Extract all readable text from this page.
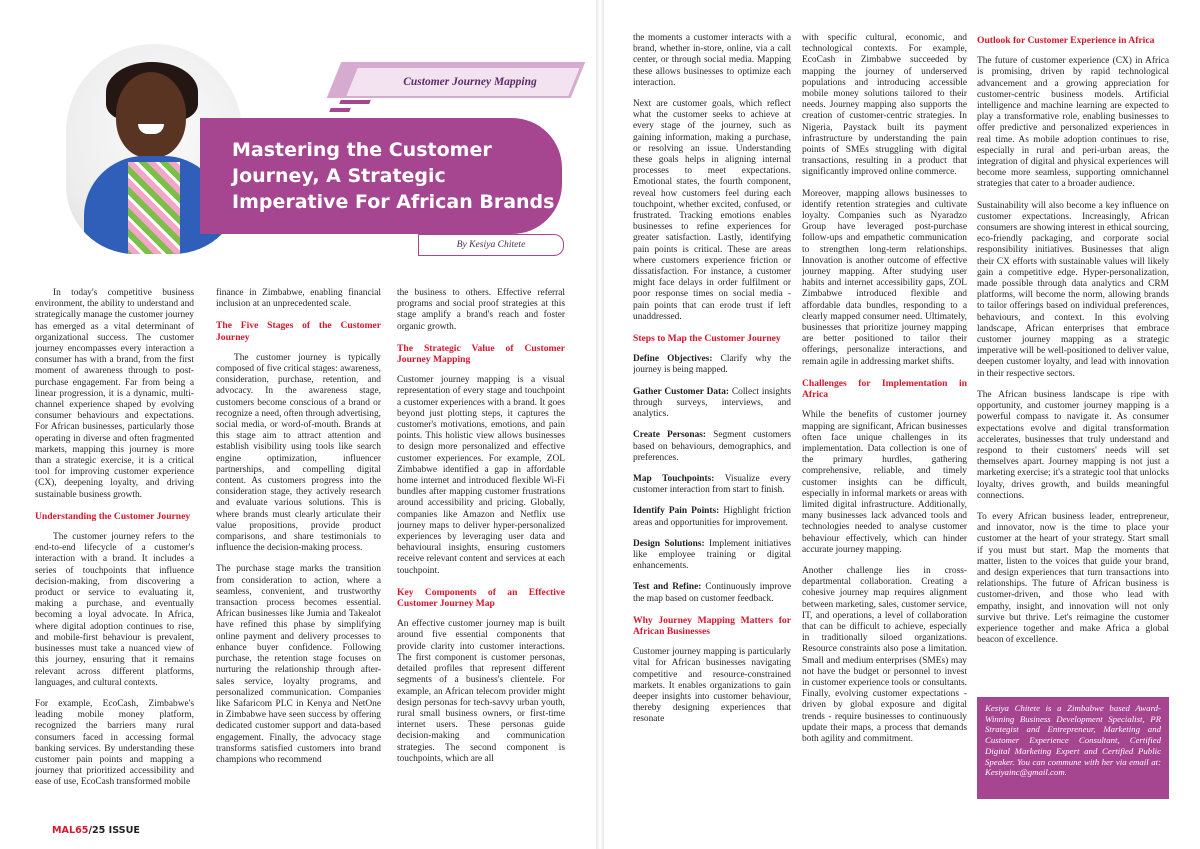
Customer Journey Mapping
Mastering the Customer Journey, A Strategic Imperative For African Brands
By Kesiya Chitete

In today's competitive business environment, the ability to understand and strategically manage the customer journey has emerged as a vital determinant of organizational success. The customer journey encompasses every interaction a consumer has with a brand, from the first moment of awareness through to post-purchase engagement. Far from being a linear progression, it is a dynamic, multi-channel experience shaped by evolving consumer behaviours and expectations. For African businesses, particularly those operating in diverse and often fragmented markets, mapping this journey is more than a strategic exercise, it is a critical tool for improving customer experience (CX), deepening loyalty, and driving sustainable business growth.

Understanding the Customer Journey

The customer journey refers to the end-to-end lifecycle of a customer's interaction with a brand. It includes a series of touchpoints that influence decision-making, from discovering a product or service to evaluating it, making a purchase, and eventually becoming a loyal advocate. In Africa, where digital adoption continues to rise, and mobile-first behaviour is prevalent, businesses must take a nuanced view of this journey, ensuring that it remains relevant across different platforms, languages, and cultural contexts.

For example, EcoCash, Zimbabwe's leading mobile money platform, recognized the barriers many rural consumers faced in accessing formal banking services. By understanding these customer pain points and mapping a journey that prioritized accessibility and ease of use, EcoCash transformed mobile

finance in Zimbabwe, enabling financial inclusion at an unprecedented scale.

The Five Stages of the Customer Journey

The customer journey is typically composed of five critical stages: awareness, consideration, purchase, retention, and advocacy. In the awareness stage, customers become conscious of a brand or recognize a need, often through advertising, social media, or word-of-mouth. Brands at this stage aim to attract attention and establish visibility using tools like search engine optimization, influencer partnerships, and compelling digital content. As customers progress into the consideration stage, they actively research and evaluate various solutions. This is where brands must clearly articulate their value propositions, provide product comparisons, and share testimonials to influence the decision-making process.

The purchase stage marks the transition from consideration to action, where a seamless, convenient, and trustworthy transaction process becomes essential. African businesses like Jumia and Takealot have refined this phase by simplifying online payment and delivery processes to enhance buyer confidence. Following purchase, the retention stage focuses on nurturing the relationship through after-sales service, loyalty programs, and personalized communication. Companies like Safaricom PLC in Kenya and NetOne in Zimbabwe have seen success by offering dedicated customer support and data-based engagement. Finally, the advocacy stage transforms satisfied customers into brand champions who recommend

the business to others. Effective referral programs and social proof strategies at this stage amplify a brand's reach and foster organic growth.

The Strategic Value of Customer Journey Mapping

Customer journey mapping is a visual representation of every stage and touchpoint a customer experiences with a brand. It goes beyond just plotting steps, it captures the customer's motivations, emotions, and pain points. This holistic view allows businesses to design more personalized and effective customer experiences. For example, ZOL Zimbabwe identified a gap in affordable home internet and introduced flexible Wi-Fi bundles after mapping customer frustrations around accessibility and pricing. Globally, companies like Amazon and Netflix use journey maps to deliver hyper-personalized experiences by leveraging user data and behavioural insights, ensuring customers receive relevant content and services at each touchpoint.

Key Components of an Effective Customer Journey Map

An effective customer journey map is built around five essential components that provide clarity into customer interactions. The first component is customer personas, detailed profiles that represent different segments of a business's clientele. For example, an African telecom provider might design personas for tech-savvy urban youth, rural small business owners, or first-time internet users. These personas guide decision-making and communication strategies. The second component is touchpoints, which are all

MAL65/25 ISSUE

the moments a customer interacts with a brand, whether in-store, online, via a call center, or through social media. Mapping these allows businesses to optimize each interaction.

Next are customer goals, which reflect what the customer seeks to achieve at every stage of the journey, such as gaining information, making a purchase, or resolving an issue. Understanding these goals helps in aligning internal processes to meet expectations. Emotional states, the fourth component, reveal how customers feel during each touchpoint, whether excited, confused, or frustrated. Tracking emotions enables businesses to refine experiences for greater satisfaction. Lastly, identifying pain points is critical. These are areas where customers experience friction or dissatisfaction. For instance, a customer might face delays in order fulfilment or poor response times on social media - pain points that can erode trust if left unaddressed.

Steps to Map the Customer Journey

Define Objectives: Clarify why the journey is being mapped.

Gather Customer Data: Collect insights through surveys, interviews, and analytics.

Create Personas: Segment customers based on behaviours, demographics, and preferences.

Map Touchpoints: Visualize every customer interaction from start to finish.

Identify Pain Points: Highlight friction areas and opportunities for improvement.

Design Solutions: Implement initiatives like employee training or digital enhancements.

Test and Refine: Continuously improve the map based on customer feedback.

Why Journey Mapping Matters for African Businesses

Customer journey mapping is particularly vital for African businesses navigating competitive and resource-constrained markets. It enables organizations to gain deeper insights into customer behaviour, thereby designing experiences that resonate

with specific cultural, economic, and technological contexts. For example, EcoCash in Zimbabwe succeeded by mapping the journey of underserved populations and introducing accessible mobile money solutions tailored to their needs. Journey mapping also supports the creation of customer-centric strategies. In Nigeria, Paystack built its payment infrastructure by understanding the pain points of SMEs struggling with digital transactions, resulting in a product that significantly improved online commerce.

Moreover, mapping allows businesses to identify retention strategies and cultivate loyalty. Companies such as Nyaradzo Group have leveraged post-purchase follow-ups and empathetic communication to strengthen long-term relationships. Innovation is another outcome of effective journey mapping. After studying user habits and internet accessibility gaps, ZOL Zimbabwe introduced flexible and affordable data bundles, responding to a clearly mapped consumer need. Ultimately, businesses that prioritize journey mapping are better positioned to tailor their offerings, personalize interactions, and remain agile in addressing market shifts.

Challenges for Implementation in Africa

While the benefits of customer journey mapping are significant, African businesses often face unique challenges in its implementation. Data collection is one of the primary hurdles, gathering comprehensive, reliable, and timely customer insights can be difficult, especially in informal markets or areas with limited digital infrastructure. Additionally, many businesses lack advanced tools and technologies needed to analyse customer behaviour effectively, which can hinder accurate journey mapping.

Another challenge lies in cross-departmental collaboration. Creating a cohesive journey map requires alignment between marketing, sales, customer service, IT, and operations, a level of collaboration that can be difficult to achieve, especially in traditionally siloed organizations. Resource constraints also pose a limitation. Small and medium enterprises (SMEs) may not have the budget or personnel to invest in customer experience tools or consultants. Finally, evolving customer expectations - driven by global exposure and digital trends - require businesses to continuously update their maps, a process that demands both agility and commitment.

Outlook for Customer Experience in Africa

The future of customer experience (CX) in Africa is promising, driven by rapid technological advancement and a growing appreciation for customer-centric business models. Artificial intelligence and machine learning are expected to play a transformative role, enabling businesses to offer predictive and personalized experiences in real time. As mobile adoption continues to rise, especially in rural and peri-urban areas, the integration of digital and physical experiences will become more seamless, supporting omnichannel strategies that cater to a broader audience.

Sustainability will also become a key influence on customer expectations. Increasingly, African consumers are showing interest in ethical sourcing, eco-friendly packaging, and corporate social responsibility initiatives. Businesses that align their CX efforts with sustainable values will likely gain a competitive edge. Hyper-personalization, made possible through data analytics and CRM platforms, will become the norm, allowing brands to tailor offerings based on individual preferences, behaviours, and context. In this evolving landscape, African enterprises that embrace customer journey mapping as a strategic imperative will be well-positioned to deliver value, deepen customer loyalty, and lead with innovation in their respective sectors.

The African business landscape is ripe with opportunity, and customer journey mapping is a powerful compass to navigate it. As consumer expectations evolve and digital transformation accelerates, businesses that truly understand and respond to their customers' needs will set themselves apart. Journey mapping is not just a marketing exercise; it's a strategic tool that unlocks loyalty, drives growth, and builds meaningful connections.

To every African business leader, entrepreneur, and innovator, now is the time to place your customer at the heart of your strategy. Start small if you must but start. Map the moments that matter, listen to the voices that guide your brand, and design experiences that turn transactions into relationships. The future of African business is customer-driven, and those who lead with empathy, insight, and innovation will not only survive but thrive. Let's reimagine the customer experience together and make Africa a global beacon of excellence.

Kesiya Chitete is a Zimbabwe based Award-Winning Business Development Specialist, PR Strategist and Entrepreneur, Marketing and Customer Experience Consultant, Certified Digital Marketing Expert and Certified Public Speaker. You can commune with her via email at: Kesiyainc@gmail.com.
